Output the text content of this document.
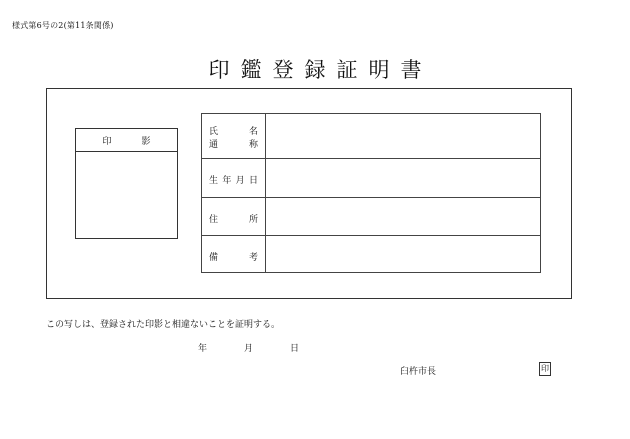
様式第6号の2(第11条関係)
印鑑登録証明書
印	影
氏	名
通	称
生 年 月 日
住	所
備	考
この写しは、登録された印影と相違ないことを証明する。
年	月	日
臼杵市長	印
